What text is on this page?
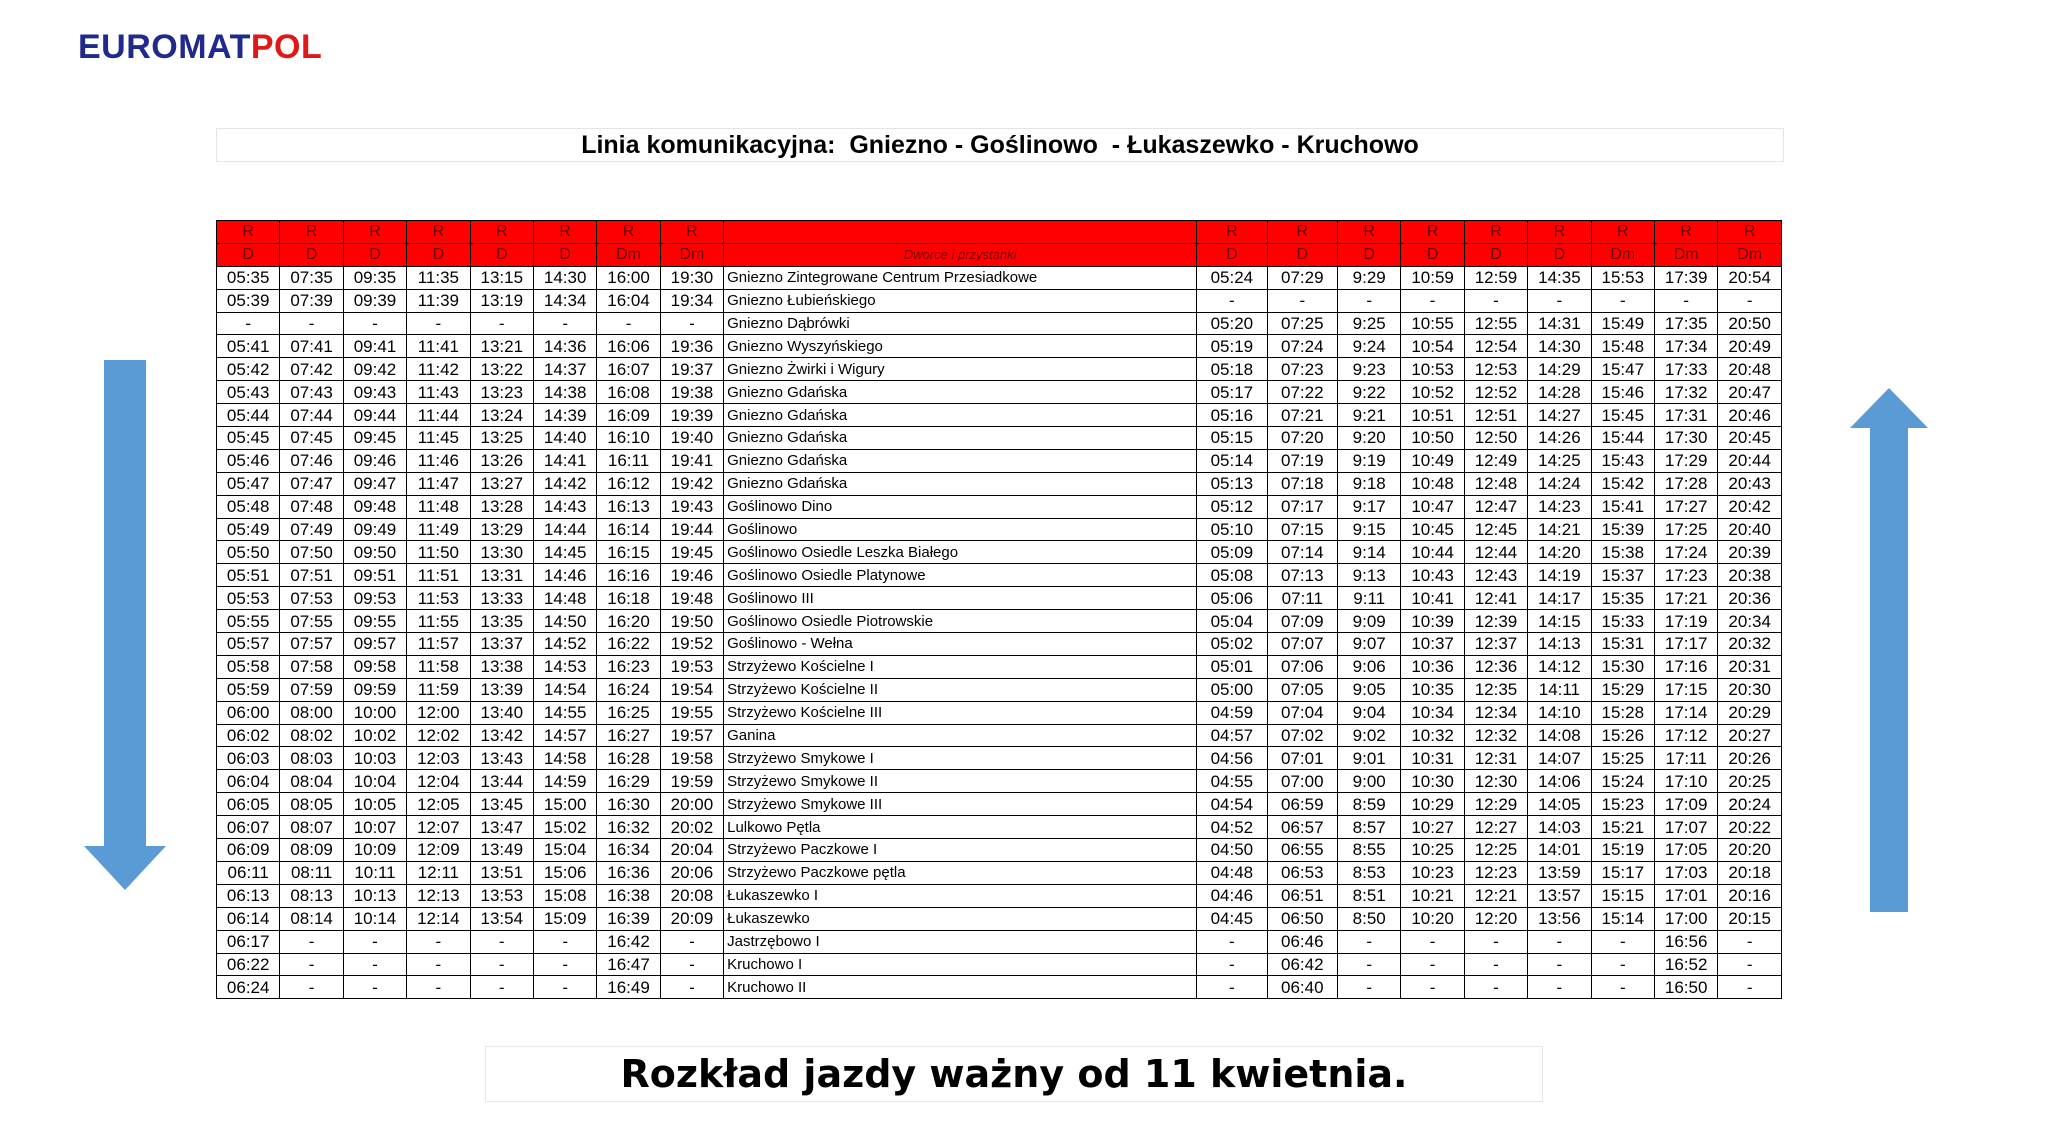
EUROMATPOL
Linia komunikacyjna:  Gniezno - Goślinowo  - Łukaszewko - Kruchowo
R	R	R	R	R	R	R	R		R	R	R	R	R	R	R	R	R
D	D	D	D	D	D	Dm	Dm	Dworce i przystanki	D	D	D	D	D	D	Dm	Dm	Dm
05:35	07:35	09:35	11:35	13:15	14:30	16:00	19:30	Gniezno Zintegrowane Centrum Przesiadkowe	05:24	07:29	9:29	10:59	12:59	14:35	15:53	17:39	20:54
05:39	07:39	09:39	11:39	13:19	14:34	16:04	19:34	Gniezno Łubieńskiego	-	-	-	-	-	-	-	-	-
-	-	-	-	-	-	-	-	Gniezno Dąbrówki	05:20	07:25	9:25	10:55	12:55	14:31	15:49	17:35	20:50
05:41	07:41	09:41	11:41	13:21	14:36	16:06	19:36	Gniezno Wyszyńskiego	05:19	07:24	9:24	10:54	12:54	14:30	15:48	17:34	20:49
05:42	07:42	09:42	11:42	13:22	14:37	16:07	19:37	Gniezno Żwirki i Wigury	05:18	07:23	9:23	10:53	12:53	14:29	15:47	17:33	20:48
05:43	07:43	09:43	11:43	13:23	14:38	16:08	19:38	Gniezno Gdańska	05:17	07:22	9:22	10:52	12:52	14:28	15:46	17:32	20:47
05:44	07:44	09:44	11:44	13:24	14:39	16:09	19:39	Gniezno Gdańska	05:16	07:21	9:21	10:51	12:51	14:27	15:45	17:31	20:46
05:45	07:45	09:45	11:45	13:25	14:40	16:10	19:40	Gniezno Gdańska	05:15	07:20	9:20	10:50	12:50	14:26	15:44	17:30	20:45
05:46	07:46	09:46	11:46	13:26	14:41	16:11	19:41	Gniezno Gdańska	05:14	07:19	9:19	10:49	12:49	14:25	15:43	17:29	20:44
05:47	07:47	09:47	11:47	13:27	14:42	16:12	19:42	Gniezno Gdańska	05:13	07:18	9:18	10:48	12:48	14:24	15:42	17:28	20:43
05:48	07:48	09:48	11:48	13:28	14:43	16:13	19:43	Goślinowo Dino	05:12	07:17	9:17	10:47	12:47	14:23	15:41	17:27	20:42
05:49	07:49	09:49	11:49	13:29	14:44	16:14	19:44	Goślinowo	05:10	07:15	9:15	10:45	12:45	14:21	15:39	17:25	20:40
05:50	07:50	09:50	11:50	13:30	14:45	16:15	19:45	Goślinowo Osiedle Leszka Białego	05:09	07:14	9:14	10:44	12:44	14:20	15:38	17:24	20:39
05:51	07:51	09:51	11:51	13:31	14:46	16:16	19:46	Goślinowo Osiedle Platynowe	05:08	07:13	9:13	10:43	12:43	14:19	15:37	17:23	20:38
05:53	07:53	09:53	11:53	13:33	14:48	16:18	19:48	Goślinowo III	05:06	07:11	9:11	10:41	12:41	14:17	15:35	17:21	20:36
05:55	07:55	09:55	11:55	13:35	14:50	16:20	19:50	Goślinowo Osiedle Piotrowskie	05:04	07:09	9:09	10:39	12:39	14:15	15:33	17:19	20:34
05:57	07:57	09:57	11:57	13:37	14:52	16:22	19:52	Goślinowo - Wełna	05:02	07:07	9:07	10:37	12:37	14:13	15:31	17:17	20:32
05:58	07:58	09:58	11:58	13:38	14:53	16:23	19:53	Strzyżewo Kościelne I	05:01	07:06	9:06	10:36	12:36	14:12	15:30	17:16	20:31
05:59	07:59	09:59	11:59	13:39	14:54	16:24	19:54	Strzyżewo Kościelne II	05:00	07:05	9:05	10:35	12:35	14:11	15:29	17:15	20:30
06:00	08:00	10:00	12:00	13:40	14:55	16:25	19:55	Strzyżewo Kościelne III	04:59	07:04	9:04	10:34	12:34	14:10	15:28	17:14	20:29
06:02	08:02	10:02	12:02	13:42	14:57	16:27	19:57	Ganina	04:57	07:02	9:02	10:32	12:32	14:08	15:26	17:12	20:27
06:03	08:03	10:03	12:03	13:43	14:58	16:28	19:58	Strzyżewo Smykowe I	04:56	07:01	9:01	10:31	12:31	14:07	15:25	17:11	20:26
06:04	08:04	10:04	12:04	13:44	14:59	16:29	19:59	Strzyżewo Smykowe II	04:55	07:00	9:00	10:30	12:30	14:06	15:24	17:10	20:25
06:05	08:05	10:05	12:05	13:45	15:00	16:30	20:00	Strzyżewo Smykowe III	04:54	06:59	8:59	10:29	12:29	14:05	15:23	17:09	20:24
06:07	08:07	10:07	12:07	13:47	15:02	16:32	20:02	Lulkowo Pętla	04:52	06:57	8:57	10:27	12:27	14:03	15:21	17:07	20:22
06:09	08:09	10:09	12:09	13:49	15:04	16:34	20:04	Strzyżewo Paczkowe I	04:50	06:55	8:55	10:25	12:25	14:01	15:19	17:05	20:20
06:11	08:11	10:11	12:11	13:51	15:06	16:36	20:06	Strzyżewo Paczkowe pętla	04:48	06:53	8:53	10:23	12:23	13:59	15:17	17:03	20:18
06:13	08:13	10:13	12:13	13:53	15:08	16:38	20:08	Łukaszewko I	04:46	06:51	8:51	10:21	12:21	13:57	15:15	17:01	20:16
06:14	08:14	10:14	12:14	13:54	15:09	16:39	20:09	Łukaszewko	04:45	06:50	8:50	10:20	12:20	13:56	15:14	17:00	20:15
06:17	-	-	-	-	-	16:42	-	Jastrzębowo I	-	06:46	-	-	-	-	-	16:56	-
06:22	-	-	-	-	-	16:47	-	Kruchowo I	-	06:42	-	-	-	-	-	16:52	-
06:24	-	-	-	-	-	16:49	-	Kruchowo II	-	06:40	-	-	-	-	-	16:50	-
Rozkład jazdy ważny od 11 kwietnia.
